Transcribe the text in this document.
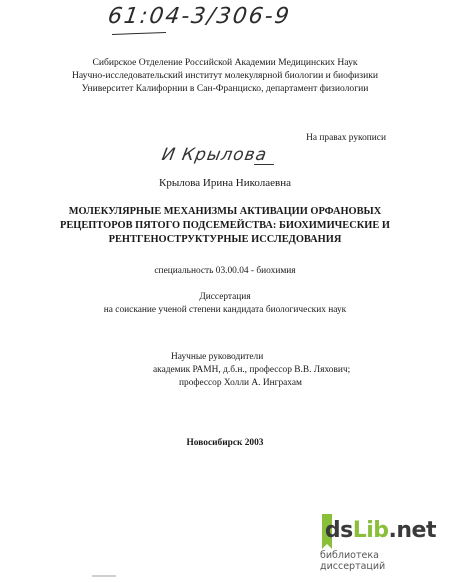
61:04-3/306-9
Сибирское Отделение Российской Академии Медицинских Наук
Научно-исследовательский институт молекулярной биологии и биофизики
Университет Калифорнии в Сан-Франциско, департамент физиологии
На правах рукописи
И Крылова
Крылова Ирина Николаевна
МОЛЕКУЛЯРНЫЕ МЕХАНИЗМЫ АКТИВАЦИИ ОРФАНОВЫХ
РЕЦЕПТОРОВ ПЯТОГО ПОДСЕМЕЙСТВА: БИОХИМИЧЕСКИЕ И
РЕНТГЕНОСТРУКТУРНЫЕ ИССЛЕДОВАНИЯ
специальность 03.00.04 - биохимия
Диссертация
на соискание ученой степени кандидата биологических наук
Научные руководители
академик РАМН, д.б.н., профессор В.В. Ляхович;
профессор Холли А. Инграхам
Новосибирск 2003
dsLib.net
библиотека диссертаций
